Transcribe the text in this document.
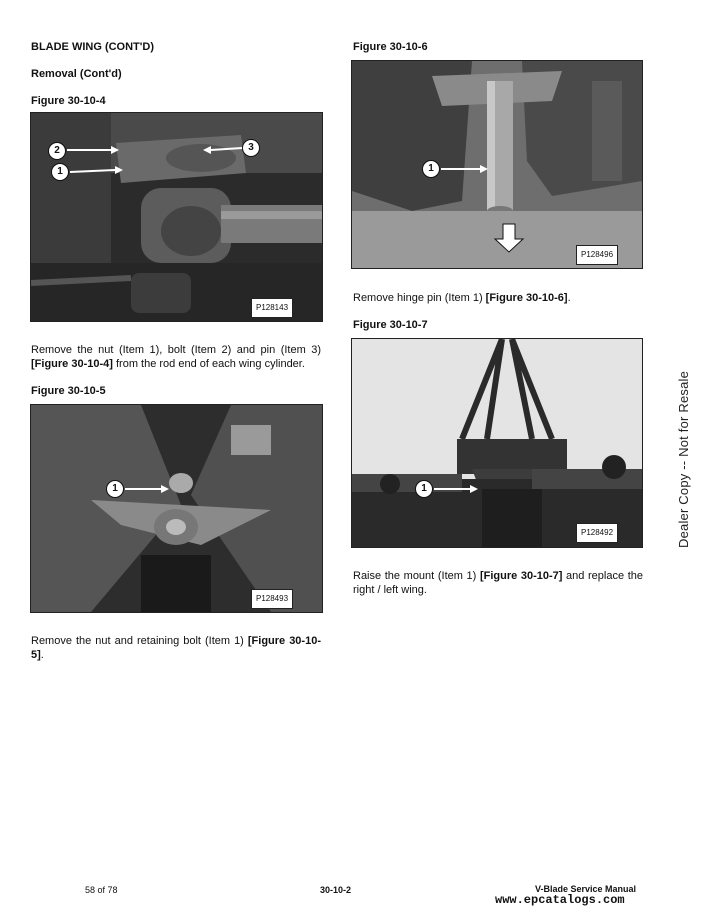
BLADE WING (CONT'D)
Removal (Cont'd)
Figure 30-10-4
2
1
3
P128143
Remove the nut (Item 1), bolt (Item 2) and pin (Item 3) [Figure 30-10-4] from the rod end of each wing cylinder.
Figure 30-10-5
1
P128493
Remove the nut and retaining bolt (Item 1) [Figure 30-10-5].
Figure 30-10-6
1
P128496
Remove hinge pin (Item 1) [Figure 30-10-6].
Figure 30-10-7
1
P128492
Raise the mount (Item 1) [Figure 30-10-7] and replace the right / left wing.
Dealer Copy -- Not for Resale
58 of 78	30-10-2	V-Blade Service Manual
www.epcatalogs.com
